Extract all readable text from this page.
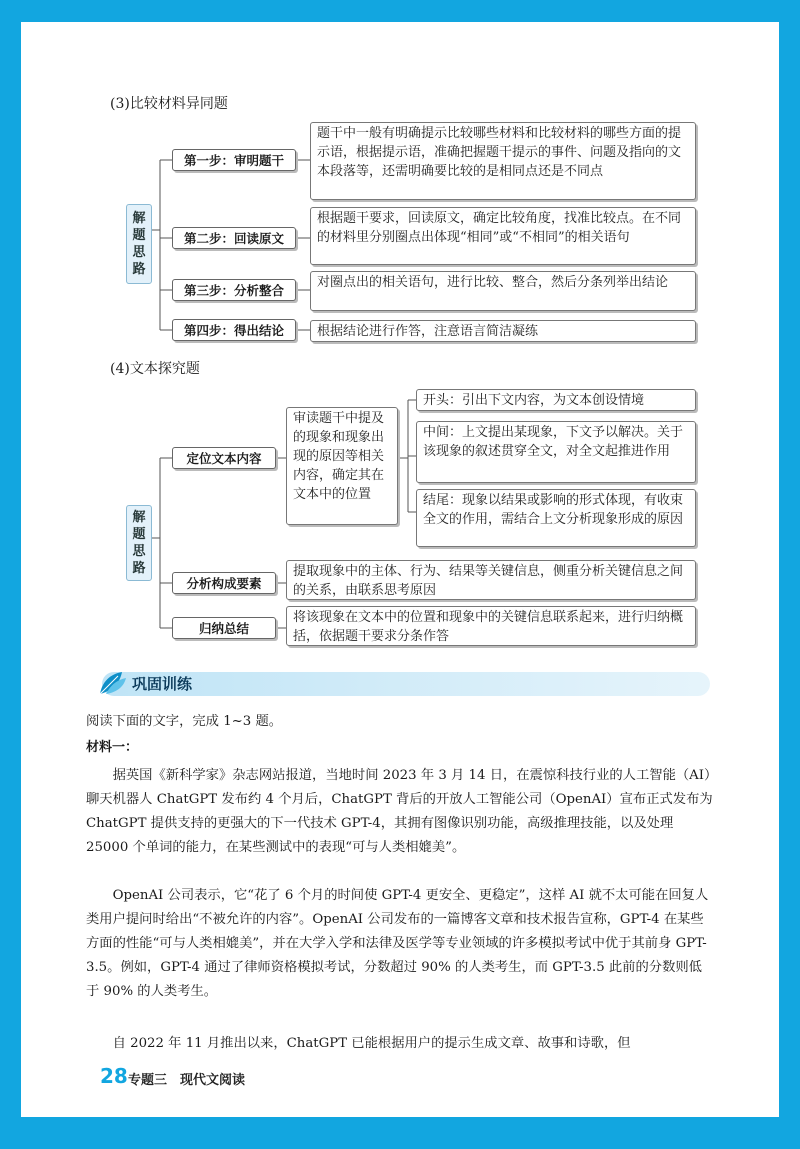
(3)比较材料异同题
解题思路
第一步：审明题干
题干中一般有明确提示比较哪些材料和比较材料的哪些方面的提示语，根据提示语，准确把握题干提示的事件、问题及指向的文本段落等，还需明确要比较的是相同点还是不同点
第二步：回读原文
根据题干要求，回读原文，确定比较角度，找准比较点。在不同的材料里分别圈点出体现“相同”或“不相同”的相关语句
第三步：分析整合
对圈点出的相关语句，进行比较、整合，然后分条列举出结论
第四步：得出结论	根据结论进行作答，注意语言简洁凝练
(4)文本探究题
解题思路
定位文本内容
审读题干中提及的现象和现象出现的原因等相关内容，确定其在文本中的位置
开头：引出下文内容，为文本创设情境
中间：上文提出某现象，下文予以解决。关于该现象的叙述贯穿全文，对全文起推进作用
结尾：现象以结果或影响的形式体现，有收束全文的作用，需结合上文分析现象形成的原因
分析构成要素
提取现象中的主体、行为、结果等关键信息，侧重分析关键信息之间的关系，由联系思考原因
归纳总结
将该现象在文本中的位置和现象中的关键信息联系起来，进行归纳概括，依据题干要求分条作答
巩固训练
阅读下面的文字，完成 1~3 题。
材料一：
据英国《新科学家》杂志网站报道，当地时间 2023 年 3 月 14 日，在震惊科技行业的人工智能（AI）聊天机器人 ChatGPT 发布约 4 个月后，ChatGPT 背后的开放人工智能公司（OpenAI）宣布正式发布为 ChatGPT 提供支持的更强大的下一代技术 GPT-4，其拥有图像识别功能，高级推理技能，以及处理 25000 个单词的能力，在某些测试中的表现“可与人类相媲美”。
OpenAI 公司表示，它“花了 6 个月的时间使 GPT-4 更安全、更稳定”，这样 AI 就不太可能在回复人类用户提问时给出“不被允许的内容”。OpenAI 公司发布的一篇博客文章和技术报告宣称，GPT-4 在某些方面的性能“可与人类相媲美”，并在大学入学和法律及医学等专业领域的许多模拟考试中优于其前身 GPT-3.5。例如，GPT-4 通过了律师资格模拟考试，分数超过 90% 的人类考生，而 GPT-3.5 此前的分数则低于 90% 的人类考生。
自 2022 年 11 月推出以来，ChatGPT 已能根据用户的提示生成文章、故事和诗歌，但
28 专题三　现代文阅读
